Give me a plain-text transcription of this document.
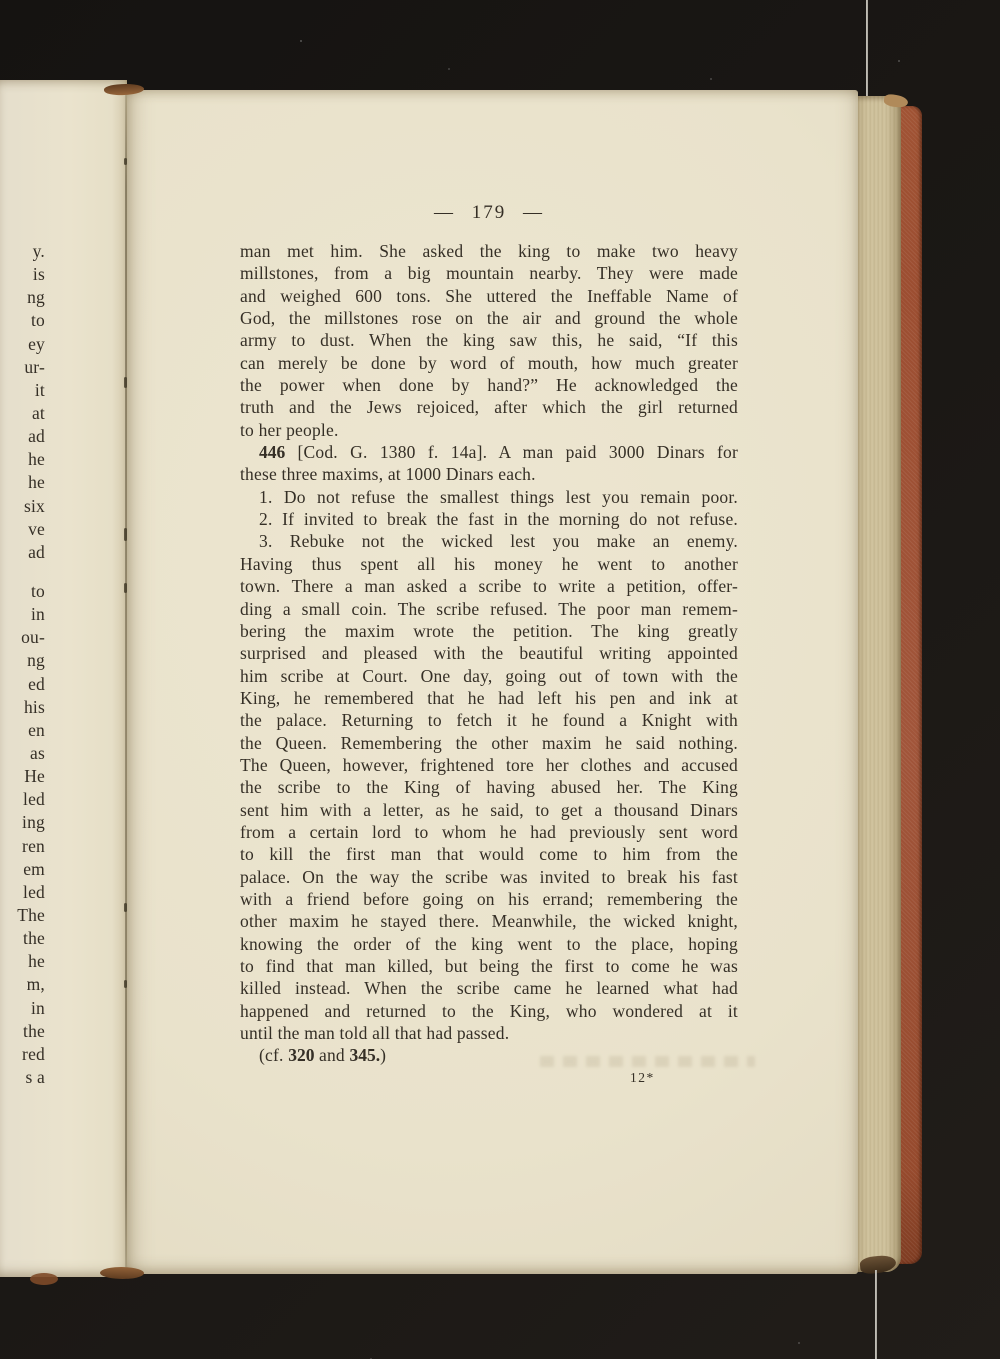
— 179 —
man met him. She asked the king to make two heavy
millstones, from a big mountain nearby. They were made
and weighed 600 tons. She uttered the Ineffable Name of
God, the millstones rose on the air and ground the whole
army to dust. When the king saw this, he said, “If this
can merely be done by word of mouth, how much greater
the power when done by hand?” He acknowledged the
truth and the Jews rejoiced, after which the girl returned
to her people.
446 [Cod. G. 1380 f. 14a]. A man paid 3000 Dinars for
these three maxims, at 1000 Dinars each.
1. Do not refuse the smallest things lest you remain poor.
2. If invited to break the fast in the morning do not refuse.
3. Rebuke not the wicked lest you make an enemy.
Having thus spent all his money he went to another
town. There a man asked a scribe to write a petition, offer-
ding a small coin. The scribe refused. The poor man remem-
bering the maxim wrote the petition. The king greatly
surprised and pleased with the beautiful writing appointed
him scribe at Court. One day, going out of town with the
King, he remembered that he had left his pen and ink at
the palace. Returning to fetch it he found a Knight with
the Queen. Remembering the other maxim he said nothing.
The Queen, however, frightened tore her clothes and accused
the scribe to the King of having abused her. The King
sent him with a letter, as he said, to get a thousand Dinars
from a certain lord to whom he had previously sent word
to kill the first man that would come to him from the
palace. On the way the scribe was invited to break his fast
with a friend before going on his errand; remembering the
other maxim he stayed there. Meanwhile, the wicked knight,
knowing the order of the king went to the place, hoping
to find that man killed, but being the first to come he was
killed instead. When the scribe came he learned what had
happened and returned to the King, who wondered at it
until the man told all that had passed.
(cf. 320 and 345.)
y.
is
ng
to
ey
ur-
it
at
ad
he
he
six
ve
ad
to
in
ou-
ng
ed
his
en
as
He
led
ing
ren
em
led
The
the
he
m,
in
the
red
s a	12*
